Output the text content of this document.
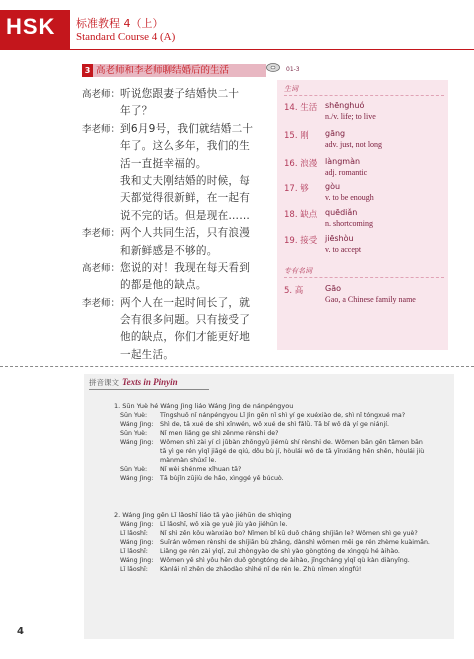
HSK 标准教程 4（上）
Standard Course 4 (A)
3 高老师和李老师聊结婚后的生活	01-3
高老师： 听说您跟妻子结婚快二十
年了？
李老师： 到6月9号，我们就结婚二十
年了。这么多年，我们的生
活一直挺幸福的。
我和丈夫刚结婚的时候，每
天都觉得很新鲜，在一起有
说不完的话。但是现在……
李老师： 两个人共同生活，只有浪漫
和新鲜感是不够的。
高老师： 您说的对！我现在每天看到
的都是他的缺点。
李老师： 两个人在一起时间长了，就
会有很多问题。只有接受了
他的缺点，你们才能更好地
一起生活。
生词
14. 生活 shēnghuó
n./v. life; to live
15. 刚 gāng
adv. just, not long
16. 浪漫 làngmàn
adj. romantic
17. 够 gòu
v. to be enough
18. 缺点 quēdiǎn
n. shortcoming
19. 接受 jiēshòu
v. to accept
专有名词
5. 高	Gāo
Gao, a Chinese family name
拼音课文 Texts in Pinyin
1. Sūn Yuè hé Wáng Jìng liáo Wáng Jìng de nánpéngyou
Sūn Yuè: Tīngshuō nǐ nánpéngyou Lǐ Jìn gēn nǐ shì yí ge xuéxiào de, shì nǐ tóngxué ma?
Wáng Jìng: Shì de, tā xué de shì xīnwén, wǒ xué de shì fǎlǜ. Tā bǐ wǒ dà yí ge niánjí.
Sūn Yuè: Nǐ men liǎng ge shì zěnme rènshi de?
Wáng Jìng: Wǒmen shì zài yí cì jǔbàn zhōngyǔ jiémù shí rènshi de. Wǒmen bān gēn tāmen bān
tā yì ge rén yìqǐ jiāgé de qiú, dōu bù jí, hòulái wǒ de tā yīnxiǎng hěn shēn, hòulái jiù
mànmàn shúxī le.
Sūn Yuè: Nǐ wèi shénme xǐhuan tā?
Wáng Jìng: Tā bùjǐn zūjiù de hǎo, xìnggé yě búcuò.
2. Wáng Jìng gēn Lǐ lǎoshī liáo tā yào jiéhūn de shìqing
Wáng Jìng: Lǐ lǎoshī, wǒ xià ge yuè jiù yào jiéhūn le.
Lǐ lǎoshī: Nǐ shì zěn kǒu wànxiào bo? Nǐmen bǐ kū duō cháng shíjiān le? Wǒmen shì ge yuè?
Wáng Jìng: Suīrán wǒmen rènshi de shíjiān bù zhǎng, dànshì wǒmen měi ge rén zhème kuàimǎn.
Lǐ lǎoshī: Liǎng ge rén zài yìqǐ, zuì zhòngyào de shì yào gòngtóng de xìngqù hé àihào.
Wáng Jìng: Wǒmen yě shì yǒu hěn duō gòngtóng de àihào, jīngcháng yìqǐ qù kàn diànyǐng.
Lǐ lǎoshī: Kànlái nǐ zhēn de zhǎodào shìhé nǐ de rén le. Zhù nǐmen xìngfú!
4
